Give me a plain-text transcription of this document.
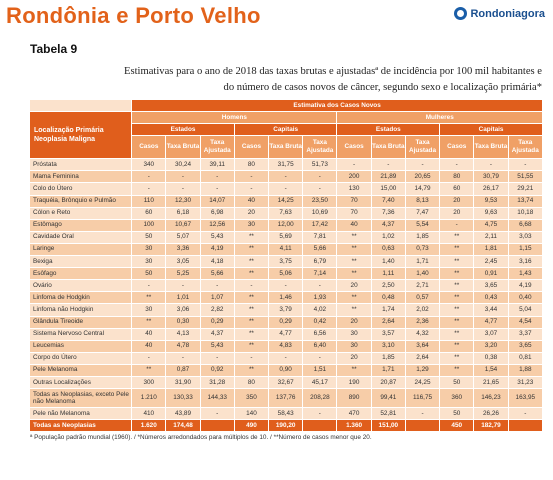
Rondônia e Porto Velho	Rondoniagora
Tabela 9
Estimativas para o ano de 2018 das taxas brutas e ajustadasª de incidência por 100 mil habitantes e
do número de casos novos de câncer, segundo sexo e localização primária*
	Estimativa dos Casos Novos											
Localização Primária Neoplasia Maligna	Homens						Mulheres					
	Estados			Capitais			Estados			Capitais		
	Casos	Taxa Bruta	Taxa Ajustada	Casos	Taxa Bruta	Taxa Ajustada	Casos	Taxa Bruta	Taxa Ajustada	Casos	Taxa Bruta	Taxa Ajustada
Próstata	340	30,24	39,11	80	31,75	51,73	-	-	-	-	-	-
Mama Feminina	-	-	-	-	-	-	200	21,89	20,65	80	30,79	51,55
Colo do Útero	-	-	-	-	-	-	130	15,00	14,79	60	26,17	29,21
Traquéia, Brônquio e Pulmão	110	12,30	14,07	40	14,25	23,50	70	7,40	8,13	20	9,53	13,74
Cólon e Reto	60	6,18	6,98	20	7,63	10,69	70	7,36	7,47	20	9,63	10,18
Estômago	100	10,67	12,56	30	12,00	17,42	40	4,37	5,54	-	4,75	6,68
Cavidade Oral	50	5,07	5,43	**	5,69	7,81	**	1,02	1,85	**	2,11	3,03
Laringe	30	3,36	4,19	**	4,11	5,66	**	0,63	0,73	**	1,81	1,15
Bexiga	30	3,05	4,18	**	3,75	6,79	**	1,40	1,71	**	2,45	3,16
Esôfago	50	5,25	5,66	**	5,06	7,14	**	1,11	1,40	**	0,91	1,43
Ovário	-	-	-	-	-	-	20	2,50	2,71	**	3,65	4,19
Linfoma de Hodgkin	**	1,01	1,07	**	1,46	1,93	**	0,48	0,57	**	0,43	0,40
Linfoma não Hodgkin	30	3,06	2,82	**	3,79	4,02	**	1,74	2,02	**	3,44	5,04
Glândula Tireoide	**	0,30	0,29	**	0,29	0,42	20	2,64	2,36	**	4,77	4,54
Sistema Nervoso Central	40	4,13	4,37	**	4,77	6,56	30	3,57	4,32	**	3,07	3,37
Leucemias	40	4,78	5,43	**	4,83	6,40	30	3,10	3,64	**	3,20	3,65
Corpo do Útero	-	-	-	-	-	-	20	1,85	2,64	**	0,38	0,81
Pele Melanoma	**	0,87	0,92	**	0,90	1,51	**	1,71	1,29	**	1,54	1,88
Outras Localizações	300	31,90	31,28	80	32,67	45,17	190	20,87	24,25	50	21,65	31,23
Todas as Neoplasias, exceto Pele não Melanoma	1.210	130,33	144,33	350	137,76	208,28	890	99,41	116,75	360	146,23	163,95
Pele não Melanoma	410	43,89	-	140	58,43	-	470	52,81	-	50	26,26	-
Todas as Neoplasias	1.620	174,48		490	190,20		1.360	151,00		450	182,79	
ª População padrão mundial (1960). / *Números arredondados para múltiplos de 10. / **Número de casos menor que 20.
